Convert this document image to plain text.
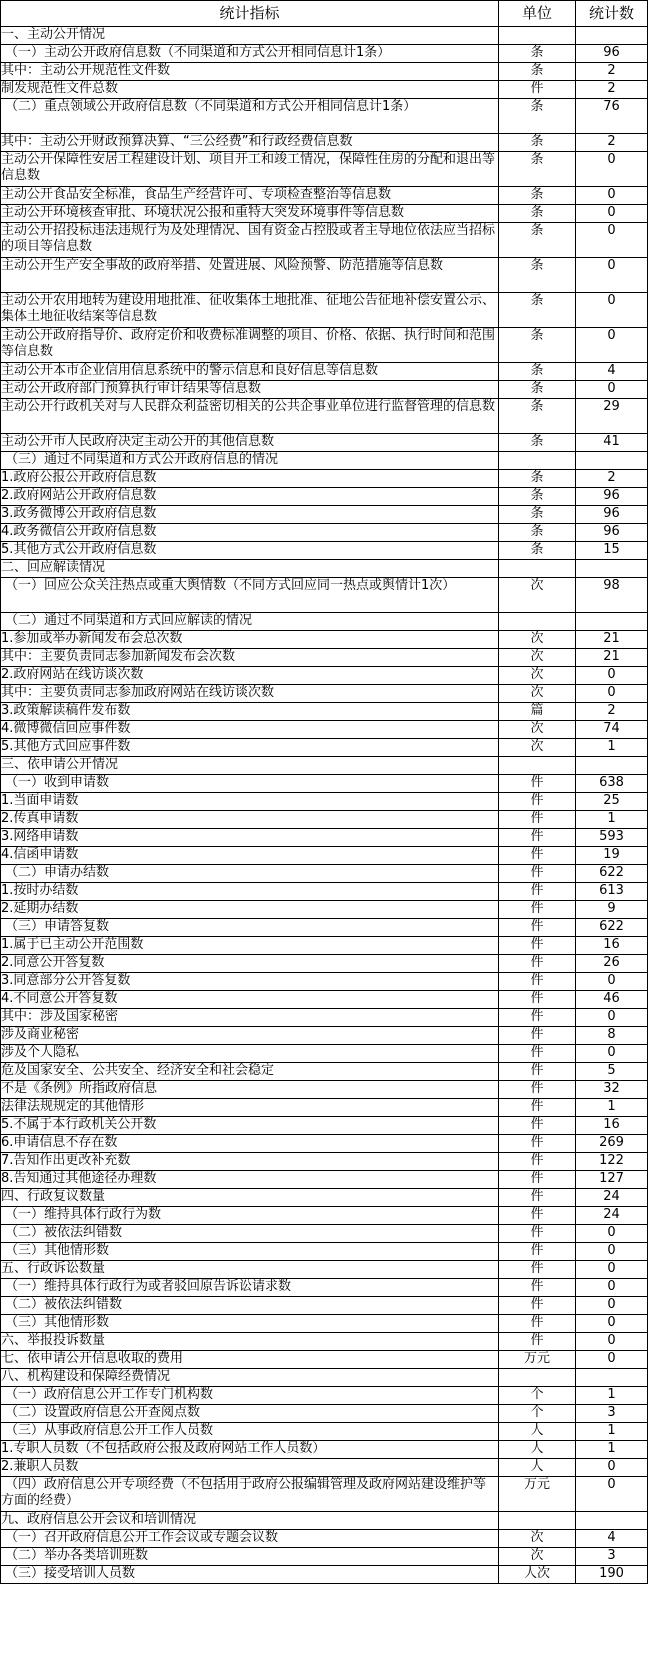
统计指标	单位	统计数
一、主动公开情况		
（一）主动公开政府信息数（不同渠道和方式公开相同信息计1条）	条	96
其中：主动公开规范性文件数	条	2
制发规范性文件总数	件	2
（二）重点领域公开政府信息数（不同渠道和方式公开相同信息计1条）	条	76
其中：主动公开财政预算决算、“三公经费”和行政经费信息数	条	2
主动公开保障性安居工程建设计划、项目开工和竣工情况，保障性住房的分配和退出等信息数	条	0
主动公开食品安全标准，食品生产经营许可、专项检查整治等信息数	条	0
主动公开环境核查审批、环境状况公报和重特大突发环境事件等信息数	条	0
主动公开招投标违法违规行为及处理情况、国有资金占控股或者主导地位依法应当招标的项目等信息数	条	0
主动公开生产安全事故的政府举措、处置进展、风险预警、防范措施等信息数	条	0
主动公开农用地转为建设用地批准、征收集体土地批准、征地公告征地补偿安置公示、集体土地征收结案等信息数	条	0
主动公开政府指导价、政府定价和收费标准调整的项目、价格、依据、执行时间和范围等信息数	条	0
主动公开本市企业信用信息系统中的警示信息和良好信息等信息数	条	4
主动公开政府部门预算执行审计结果等信息数	条	0
主动公开行政机关对与人民群众利益密切相关的公共企事业单位进行监督管理的信息数	条	29
主动公开市人民政府决定主动公开的其他信息数	条	41
（三）通过不同渠道和方式公开政府信息的情况		
1.政府公报公开政府信息数	条	2
2.政府网站公开政府信息数	条	96
3.政务微博公开政府信息数	条	96
4.政务微信公开政府信息数	条	96
5.其他方式公开政府信息数	条	15
二、回应解读情况		
（一）回应公众关注热点或重大舆情数（不同方式回应同一热点或舆情计1次）	次	98
（二）通过不同渠道和方式回应解读的情况		
1.参加或举办新闻发布会总次数	次	21
其中：主要负责同志参加新闻发布会次数	次	21
2.政府网站在线访谈次数	次	0
其中：主要负责同志参加政府网站在线访谈次数	次	0
3.政策解读稿件发布数	篇	2
4.微博微信回应事件数	次	74
5.其他方式回应事件数	次	1
三、依申请公开情况		
（一）收到申请数	件	638
1.当面申请数	件	25
2.传真申请数	件	1
3.网络申请数	件	593
4.信函申请数	件	19
（二）申请办结数	件	622
1.按时办结数	件	613
2.延期办结数	件	9
（三）申请答复数	件	622
1.属于已主动公开范围数	件	16
2.同意公开答复数	件	26
3.同意部分公开答复数	件	0
4.不同意公开答复数	件	46
其中：涉及国家秘密	件	0
涉及商业秘密	件	8
涉及个人隐私	件	0
危及国家安全、公共安全、经济安全和社会稳定	件	5
不是《条例》所指政府信息	件	32
法律法规规定的其他情形	件	1
5.不属于本行政机关公开数	件	16
6.申请信息不存在数	件	269
7.告知作出更改补充数	件	122
8.告知通过其他途径办理数	件	127
四、行政复议数量	件	24
（一）维持具体行政行为数	件	24
（二）被依法纠错数	件	0
（三）其他情形数	件	0
五、行政诉讼数量	件	0
（一）维持具体行政行为或者驳回原告诉讼请求数	件	0
（二）被依法纠错数	件	0
（三）其他情形数	件	0
六、举报投诉数量	件	0
七、依申请公开信息收取的费用	万元	0
八、机构建设和保障经费情况		
（一）政府信息公开工作专门机构数	个	1
（二）设置政府信息公开查阅点数	个	3
（三）从事政府信息公开工作人员数	人	1
1.专职人员数（不包括政府公报及政府网站工作人员数）	人	1
2.兼职人员数	人	0
（四）政府信息公开专项经费（不包括用于政府公报编辑管理及政府网站建设维护等方面的经费）	万元	0
九、政府信息公开会议和培训情况		
（一）召开政府信息公开工作会议或专题会议数	次	4
（二）举办各类培训班数	次	3
（三）接受培训人员数	人次	190
